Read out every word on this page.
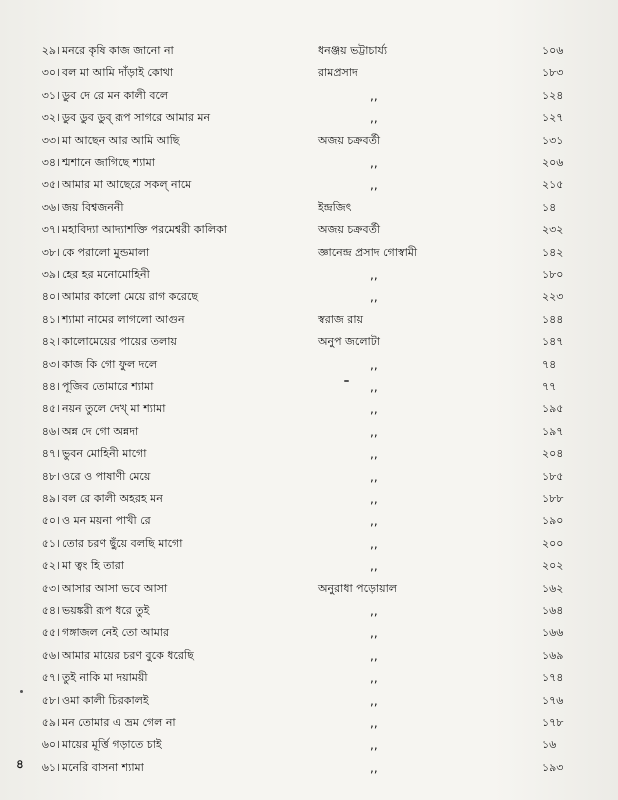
২৯। মনরে কৃষি কাজ জানো না	ধনঞ্জয় ভট্টাচার্য্য	১০৬
৩০। বল মা আমি দাঁড়াই কোথা	রামপ্রসাদ	১৮৩
৩১। ডুব দে রে মন কালী বলে	,,	১২৪
৩২। ডুব ডুব ডুব্ রূপ সাগরে আমার মন	,,	১২৭
৩৩। মা আছেন আর আমি আছি	অজয় চক্রবর্তী	১৩১
৩৪। শ্মশানে জাগিছে শ্যামা	,,	২০৬
৩৫। আমার মা আছেরে সকল্ নামে	,,	২১৫
৩৬। জয় বিশ্বজননী	ইন্দ্রজিৎ	১৪
৩৭। মহাবিদ্যা আদ্যাশক্তি পরমেশ্বরী কালিকা	অজয় চক্রবর্তী	২৩২
৩৮। কে পরালো মুন্ডমালা	জ্ঞানেন্দ্র প্রসাদ গোস্বামী	১৪২
৩৯। হের হর মনোমোহিনী	,,	১৮০
৪০। আমার কালো মেয়ে রাগ করেছে	,,	২২৩
৪১। শ্যামা নামের লাগলো আগুন	স্বরাজ রায়	১৪৪
৪২। কালোমেয়ের পায়ের তলায়	অনুপ জলোটা	১৪৭
৪৩। কাজ কি গো ফুল দলে	,,	৭৪
৪৪। পূজিব তোমারে শ্যামা	,,	৭৭
৪৫। নয়ন তুলে দেখ্ মা শ্যামা	,,	১৯৫
৪৬। অন্ন দে গো অন্নদা	,,	১৯৭
৪৭। ভুবন মোহিনী মাগো	,,	২০৪
৪৮। ওরে ও পাষাণী মেয়ে	,,	১৮৫
৪৯। বল রে কালী অহরহ মন	,,	১৮৮
৫০। ও মন ময়না পাখী রে	,,	১৯০
৫১। তোর চরণ ছুঁয়ে বলছি মাগো	,,	২০০
৫২। মা ত্বং হি তারা	,,	২০২
৫৩। আসার আসা ভবে আসা	অনুরাধা পড়োয়াল	১৬২
৫৪। ভয়ঙ্করী রূপ ধরে তুই	,,	১৬৪
৫৫। গঙ্গাজল নেই তো আমার	,,	১৬৬
৫৬। আমার মায়ের চরণ বুকে ধরেছি	,,	১৬৯
৫৭। তুই নাকি মা দয়াময়ী	,,	১৭৪
৫৮। ওমা কালী চিরকালই	,,	১৭৬
৫৯। মন তোমার এ ভ্রম গেল না	,,	১৭৮
৬০। মায়ের মূর্ত্তি গড়াতে চাই	,,	১৬
৬১। মনেরি বাসনা শ্যামা	,,	১৯৩
৪
